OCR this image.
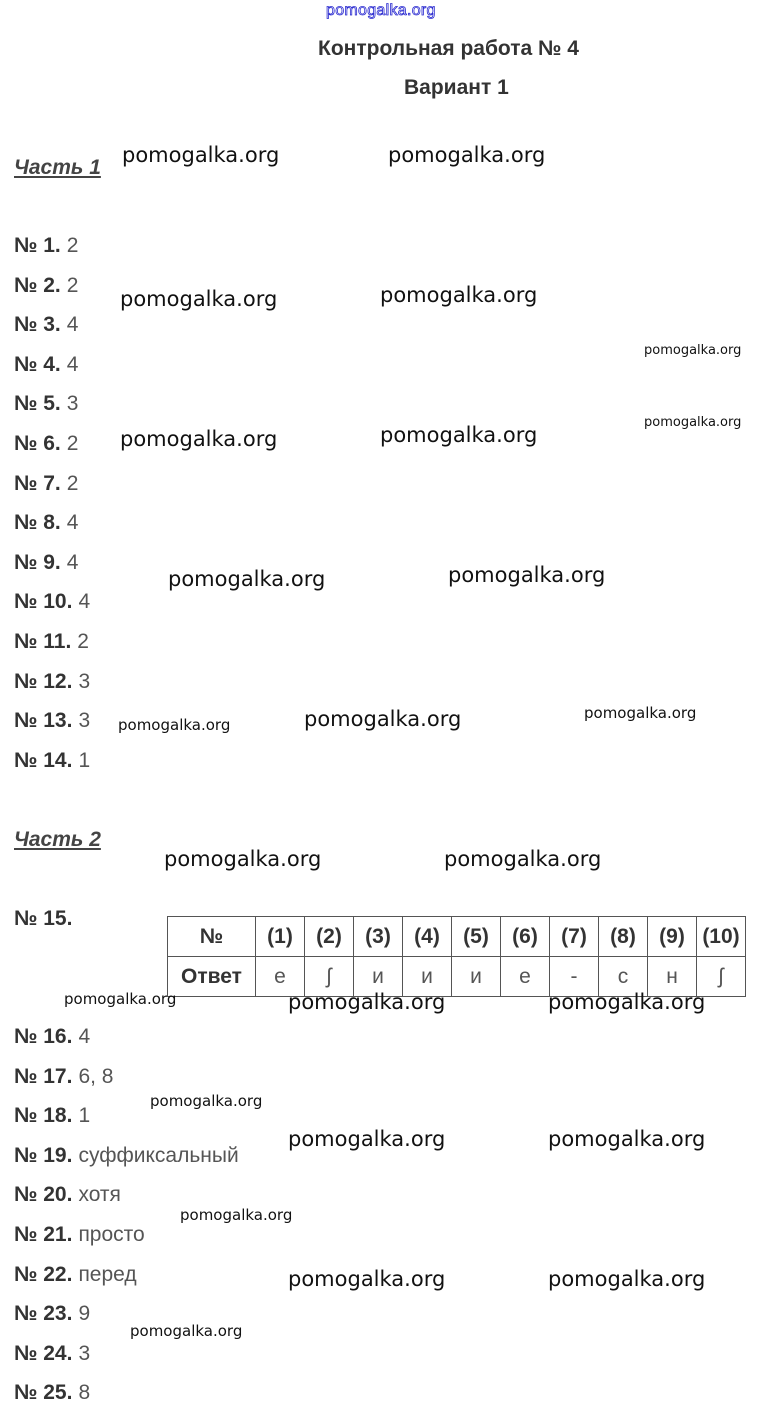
pomogalka.org
Контрольная работа № 4
Вариант 1
Часть 1
№ 1. 2
№ 2. 2
№ 3. 4
№ 4. 4
№ 5. 3
№ 6. 2
№ 7. 2
№ 8. 4
№ 9. 4
№ 10. 4
№ 11. 2
№ 12. 3
№ 13. 3
№ 14. 1
Часть 2
№ 15.
№	(1)	(2)	(3)	(4)	(5)	(6)	(7)	(8)	(9)	(10)
Ответ	е	ʃ	и	и	и	е	-	с	н	ʃ
№ 16. 4
№ 17. 6, 8
№ 18. 1
№ 19. суффиксальный
№ 20. хотя
№ 21. просто
№ 22. перед
№ 23. 9
№ 24. 3
№ 25. 8
pomogalka.org	pomogalka.org
pomogalka.org	pomogalka.org
pomogalka.org
pomogalka.org	pomogalka.org
pomogalka.org
pomogalka.org	pomogalka.org
pomogalka.org	pomogalka.org	pomogalka.org
pomogalka.org	pomogalka.org
pomogalka.org	pomogalka.org	pomogalka.org
pomogalka.org
pomogalka.org	pomogalka.org
pomogalka.org
pomogalka.org	pomogalka.org
pomogalka.org
